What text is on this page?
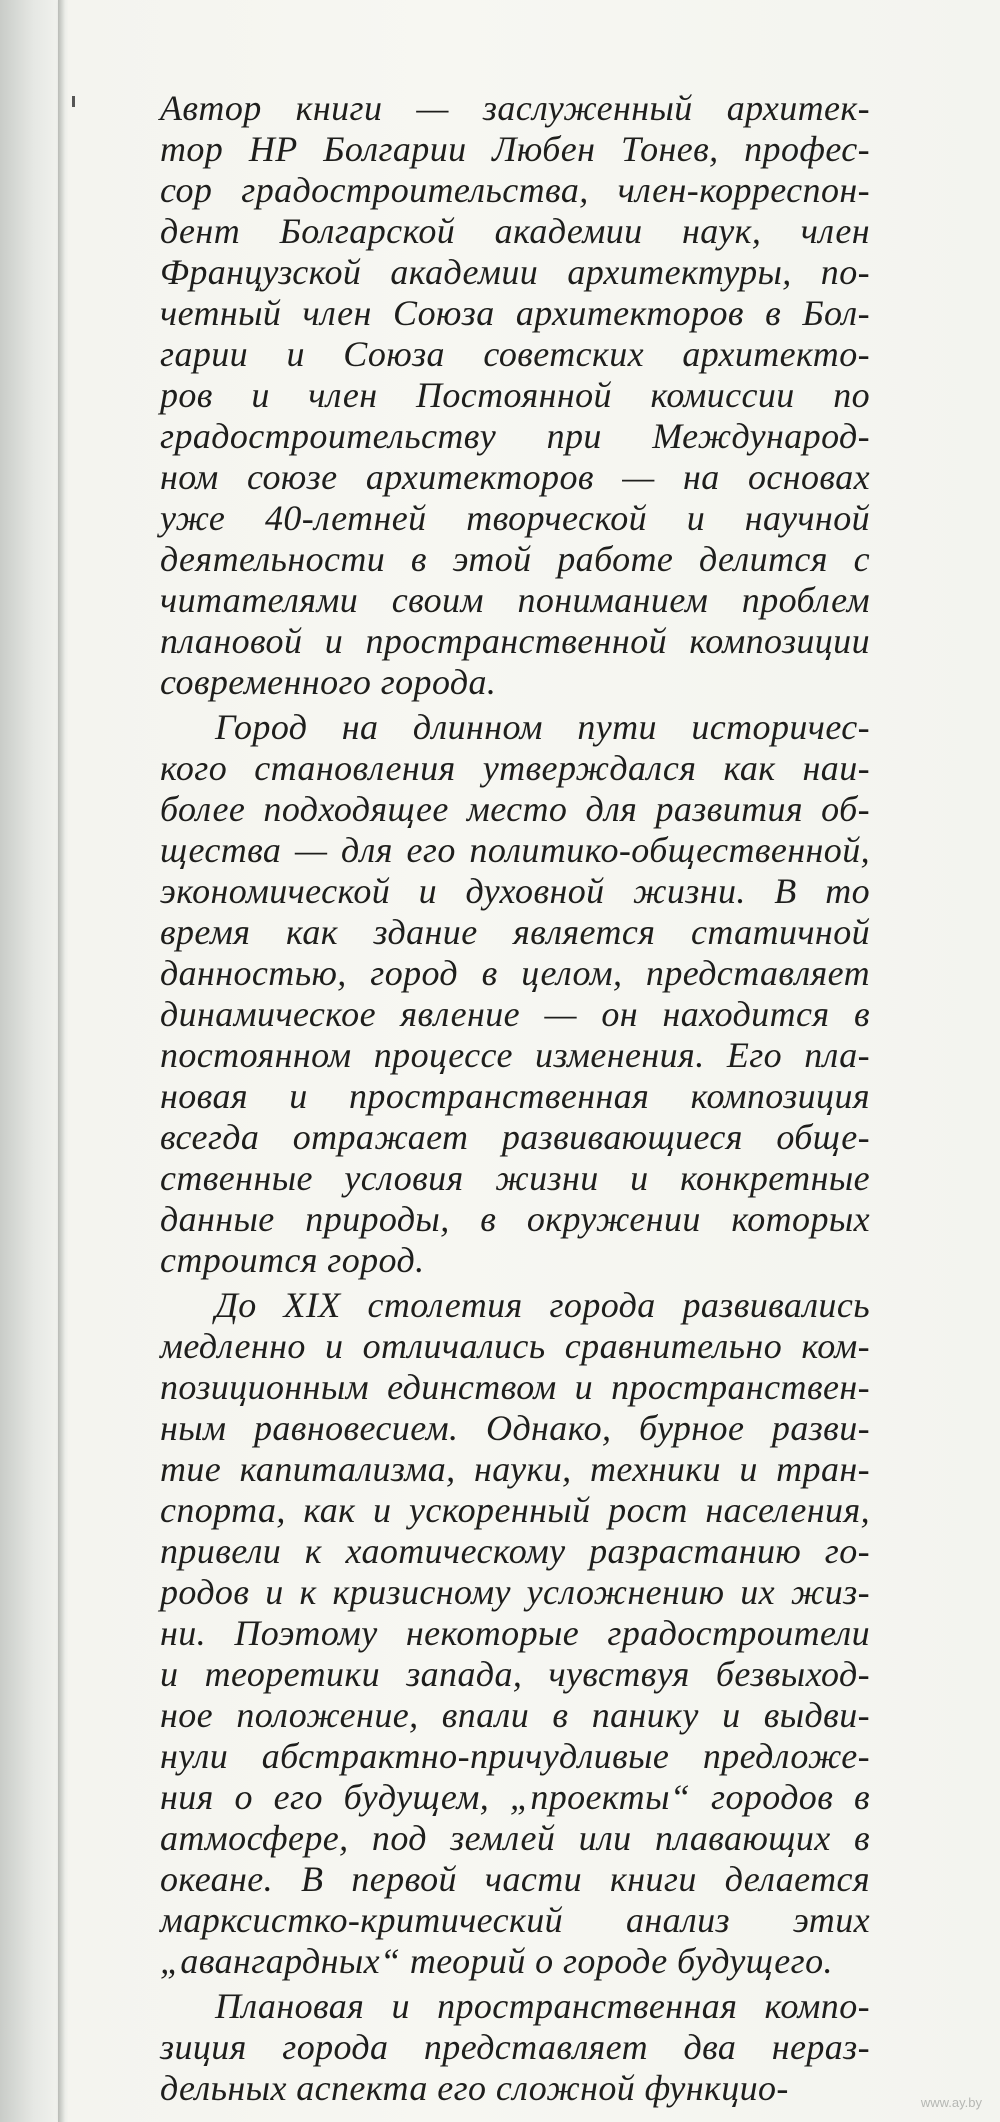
Автор книги — заслуженный архитек-
тор НР Болгарии Любен Тонев, профес-
сор градостроительства, член-корреспон-
дент Болгарской академии наук, член
Французской академии архитектуры, по-
четный член Союза архитекторов в Бол-
гарии и Союза советских архитекто-
ров и член Постоянной комиссии по
градостроительству при Международ-
ном союзе архитекторов — на основах
уже 40-летней творческой и научной
деятельности в этой работе делится с
читателями своим пониманием проблем
плановой и пространственной композиции
современного города.
Город на длинном пути историчес-
кого становления утверждался как наи-
более подходящее место для развития об-
щества — для его политико-общественной,
экономической и духовной жизни. В то
время как здание является статичной
данностью, город в целом, представляет
динамическое явление — он находится в
постоянном процессе изменения. Его пла-
новая и пространственная композиция
всегда отражает развивающиеся обще-
ственные условия жизни и конкретные
данные природы, в окружении которых
строится город.
До XIX столетия города развивались
медленно и отличались сравнительно ком-
позиционным единством и пространствен-
ным равновесием. Однако, бурное разви-
тие капитализма, науки, техники и тран-
спорта, как и ускоренный рост населения,
привели к хаотическому разрастанию го-
родов и к кризисному усложнению их жиз-
ни. Поэтому некоторые градостроители
и теоретики запада, чувствуя безвыход-
ное положение, впали в панику и выдви-
нули абстрактно-причудливые предложе-
ния о его будущем, „проекты“ городов в
атмосфере, под землей или плавающих в
океане. В первой части книги делается
марксистко-критический анализ этих
„авангардных“ теорий о городе будущего.
Плановая и пространственная компо-
зиция города представляет два нераз-
дельных аспекта его сложной функцио-	www.ay.by
